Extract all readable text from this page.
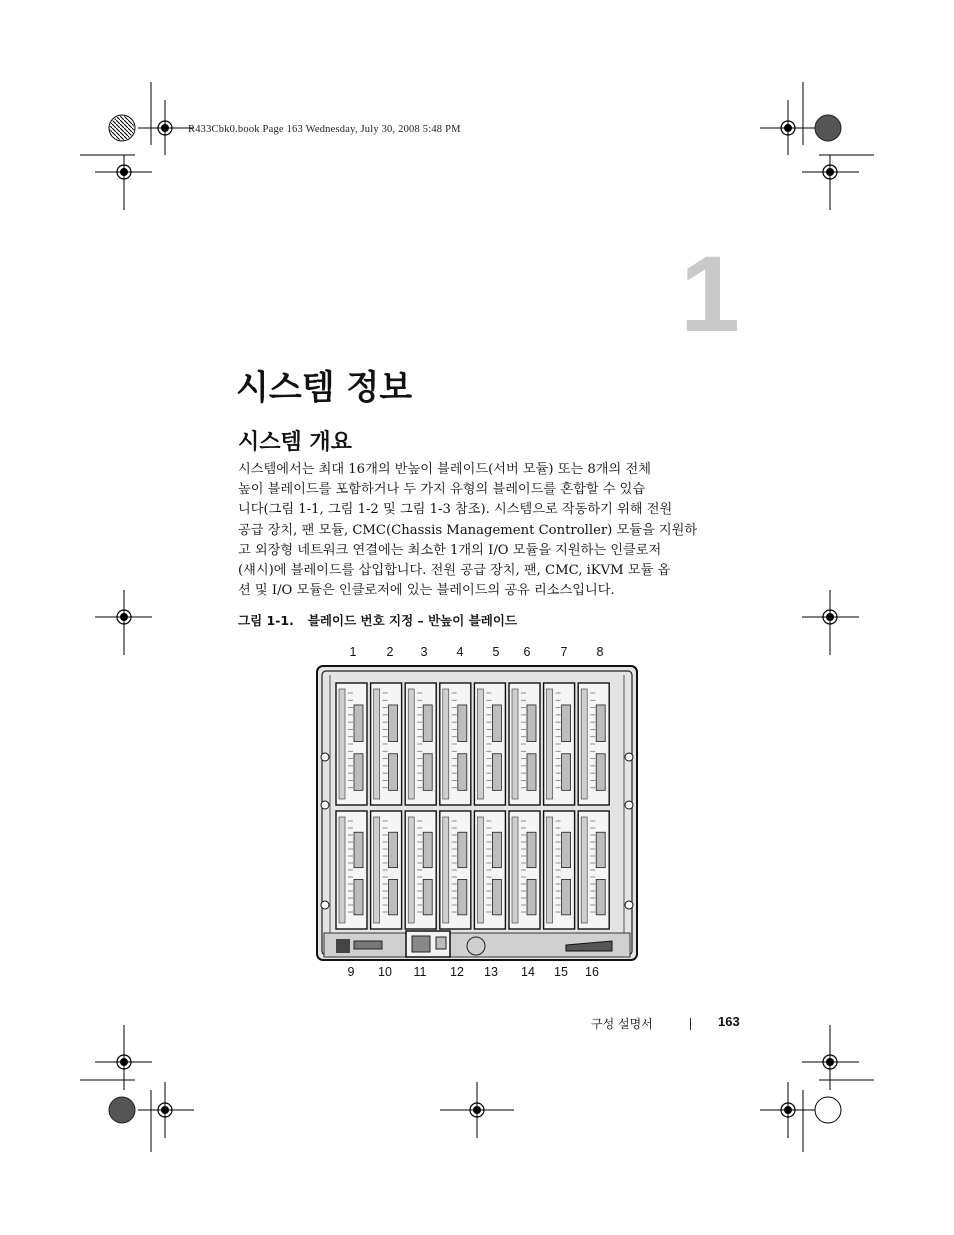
R433Cbk0.book Page 163 Wednesday, July 30, 2008 5:48 PM
1
시스템 정보
시스템 개요
시스템에서는 최대 16개의 반높이 블레이드(서버 모듈) 또는 8개의 전체
높이 블레이드를 포함하거나 두 가지 유형의 블레이드를 혼합할 수 있습
니다(그림 1-1, 그림 1-2 및 그림 1-3 참조). 시스템으로 작동하기 위해 전원
공급 장치, 팬 모듈, CMC(Chassis Management Controller) 모듈을 지원하
고 외장형 네트워크 연결에는 최소한 1개의 I/O 모듈을 지원하는 인클로저
(섀시)에 블레이드를 삽입합니다. 전원 공급 장치, 팬, CMC, iKVM 모듈 옵
션 및 I/O 모듈은 인클로저에 있는 블레이드의 공유 리소스입니다.
그림 1-1. 블레이드 번호 지정 – 반높이 블레이드
1	2	3	4	5	6	7	8
9	10	11	12	13	14	15	16
구성 설명서	163
